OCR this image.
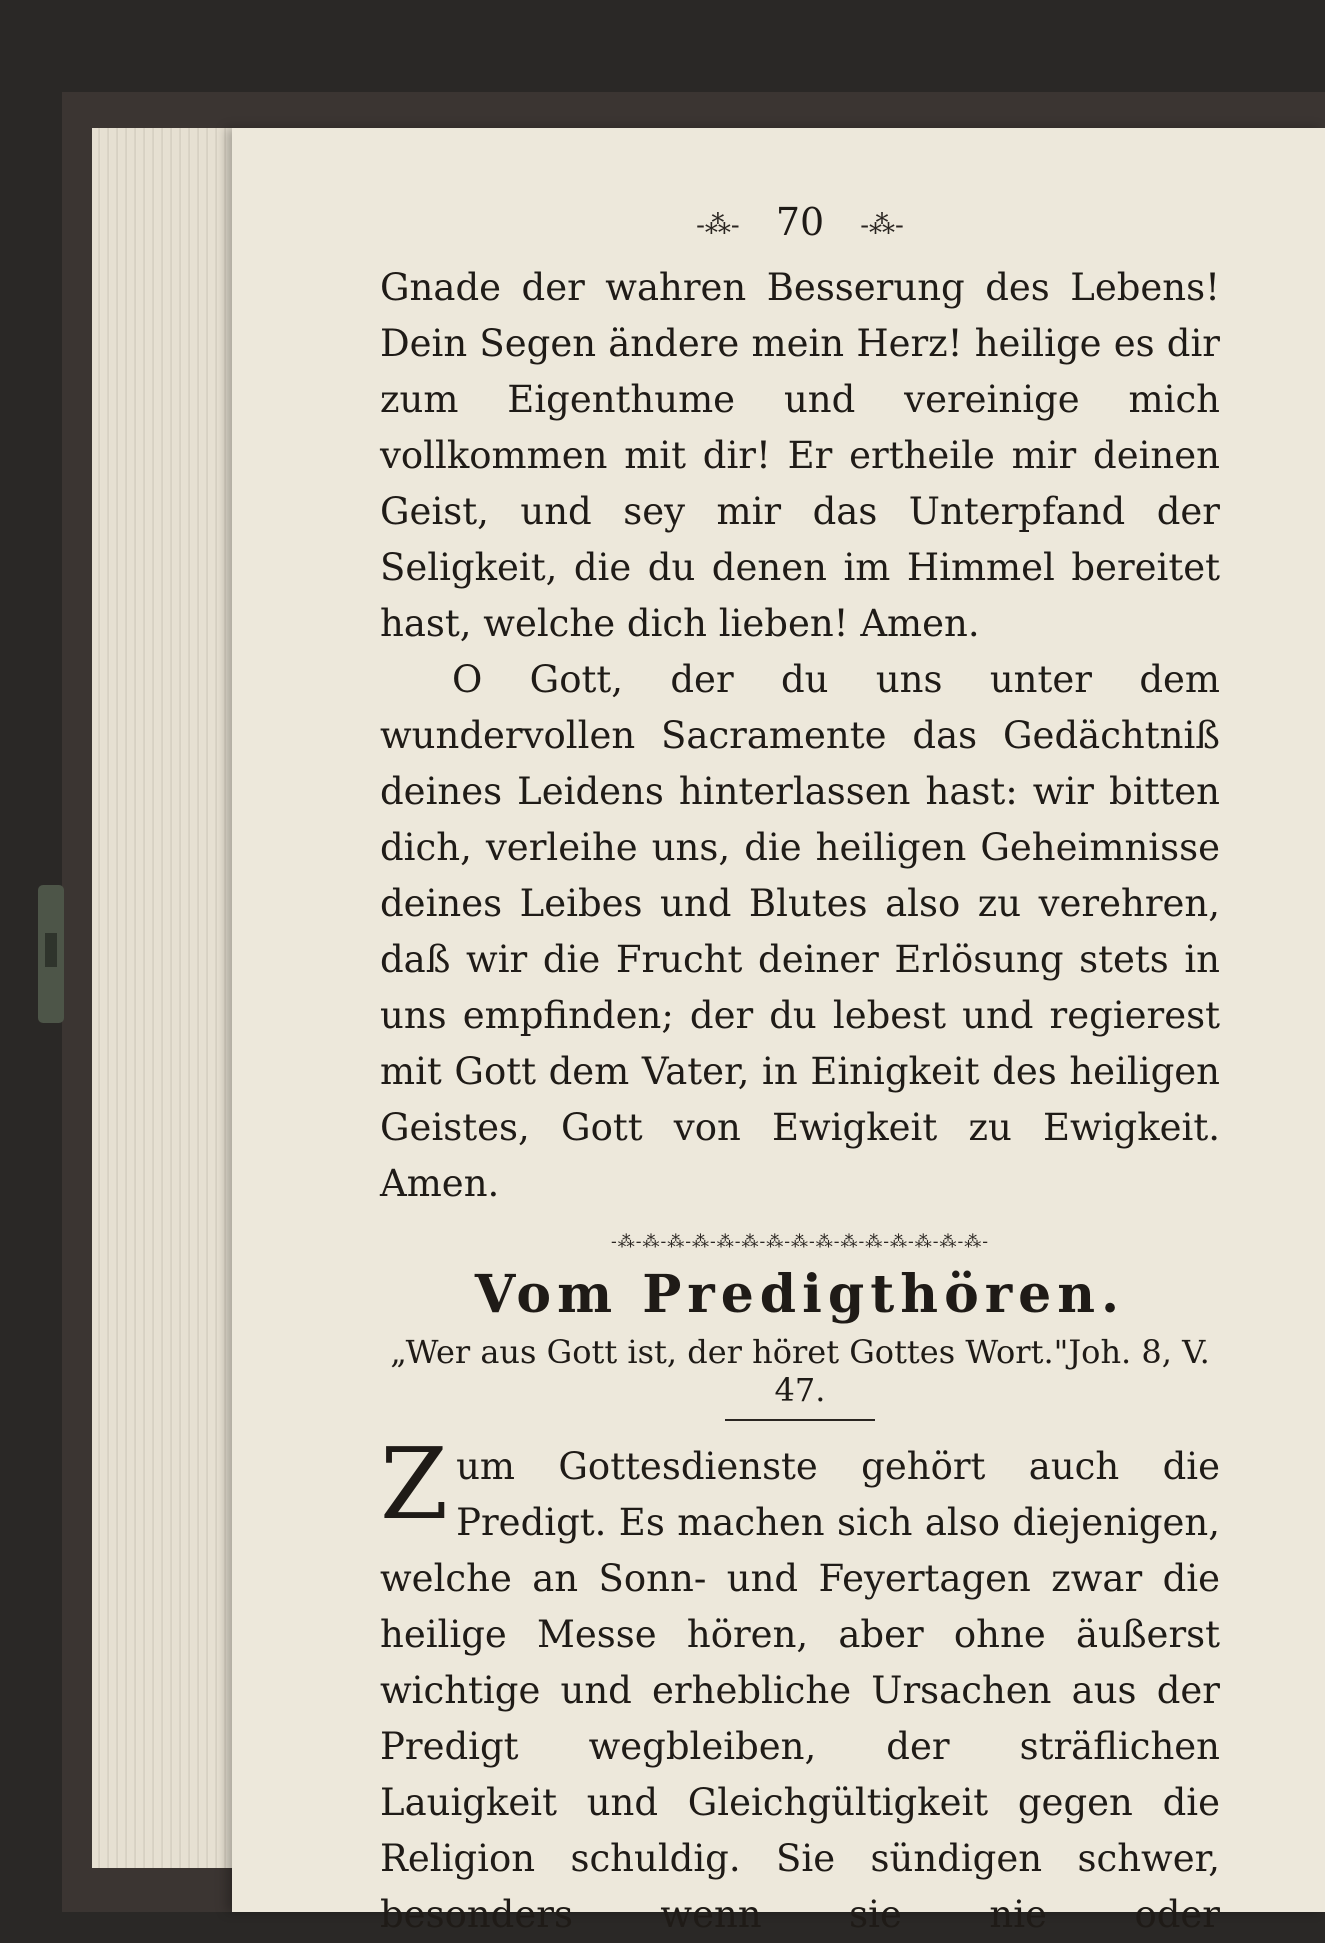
-⁂- 70 -⁂-

Gnade der wahren Besserung des Lebens! Dein Segen ändere mein Herz! heilige es dir zum Eigenthume und vereinige mich vollkommen mit dir! Er ertheile mir deinen Geist, und sey mir das Unterpfand der Seligkeit, die du denen im Himmel bereitet hast, welche dich lieben! Amen.

O Gott, der du uns unter dem wundervollen Sacramente das Gedächtniß deines Leidens hinterlassen hast: wir bitten dich, verleihe uns, die heiligen Geheimnisse deines Leibes und Blutes also zu verehren, daß wir die Frucht deiner Erlösung stets in uns empfinden; der du lebest und regierest mit Gott dem Vater, in Einigkeit des heiligen Geistes, Gott von Ewigkeit zu Ewigkeit. Amen.

-⁂-⁂-⁂-⁂-⁂-⁂-⁂-⁂-⁂-⁂-⁂-⁂-⁂-⁂-⁂-
Vom Predigthören.
„Wer aus Gott ist, der höret Gottes Wort."Joh. 8, V. 47.

Z um Gottesdienste gehört auch die Predigt. Es machen sich also diejenigen, welche an Sonn- und Feyertagen zwar die heilige Messe hören, aber ohne äußerst wichtige und erhebliche Ursachen aus der Predigt wegbleiben, der sträflichen Lauigkeit und Gleichgültigkeit gegen die Religion schuldig. Sie sündigen schwer, besonders wenn sie nie oder
